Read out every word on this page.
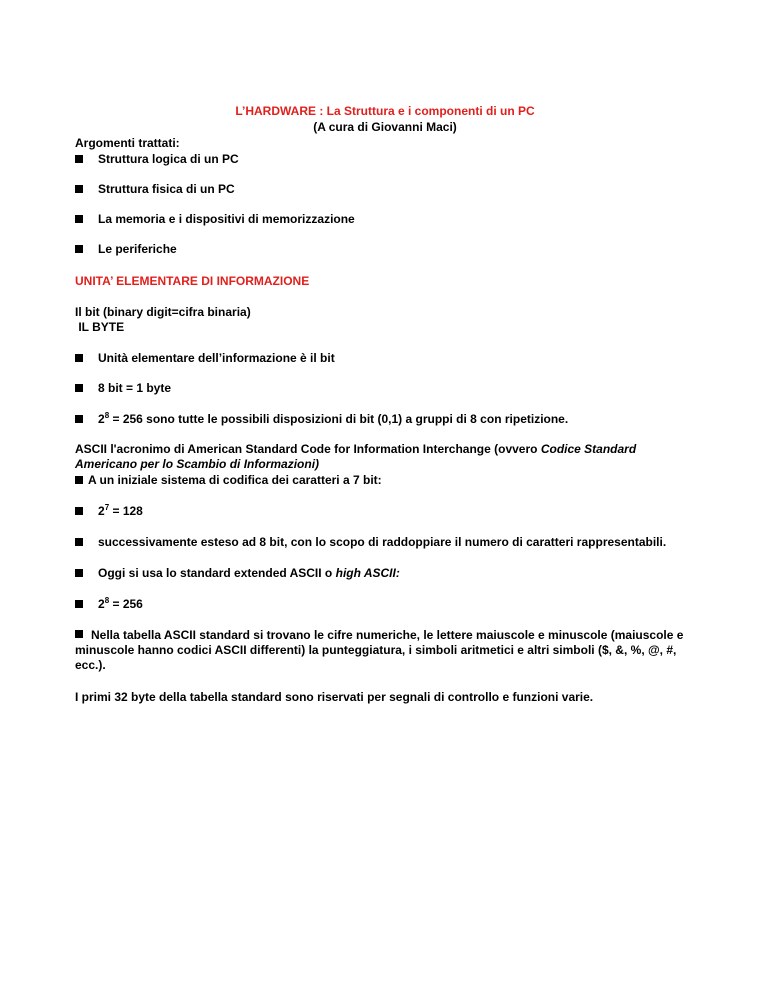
L’HARDWARE : La Struttura e i componenti di un PC
(A cura di Giovanni Maci)
Argomenti trattati:
Struttura logica di un PC
Struttura fisica di un PC
La memoria e i dispositivi di memorizzazione
Le periferiche
UNITA’ ELEMENTARE DI INFORMAZIONE
Il bit (binary digit=cifra binaria)
IL BYTE
Unità elementare dell’informazione è il bit
8 bit = 1 byte
$2^8 = 256$ sono tutte le possibili disposizioni di bit (0,1) a gruppi di 8 con ripetizione.
ASCII l'acronimo di American Standard Code for Information Interchange (ovvero Codice Standard Americano per lo Scambio di Informazioni)
A un iniziale sistema di codifica dei caratteri a 7 bit:
$2^7 = 128$
successivamente esteso ad 8 bit, con lo scopo di raddoppiare il numero di caratteri rappresentabili.
Oggi si usa lo standard extended ASCII o high ASCII:
$2^8 = 256$
Nella tabella ASCII standard si trovano le cifre numeriche, le lettere maiuscole e minuscole (maiuscole e minuscole hanno codici ASCII differenti) la punteggiatura, i simboli aritmetici e altri simboli ($, &, %, @, #, ecc.).
I primi 32 byte della tabella standard sono riservati per segnali di controllo e funzioni varie.
